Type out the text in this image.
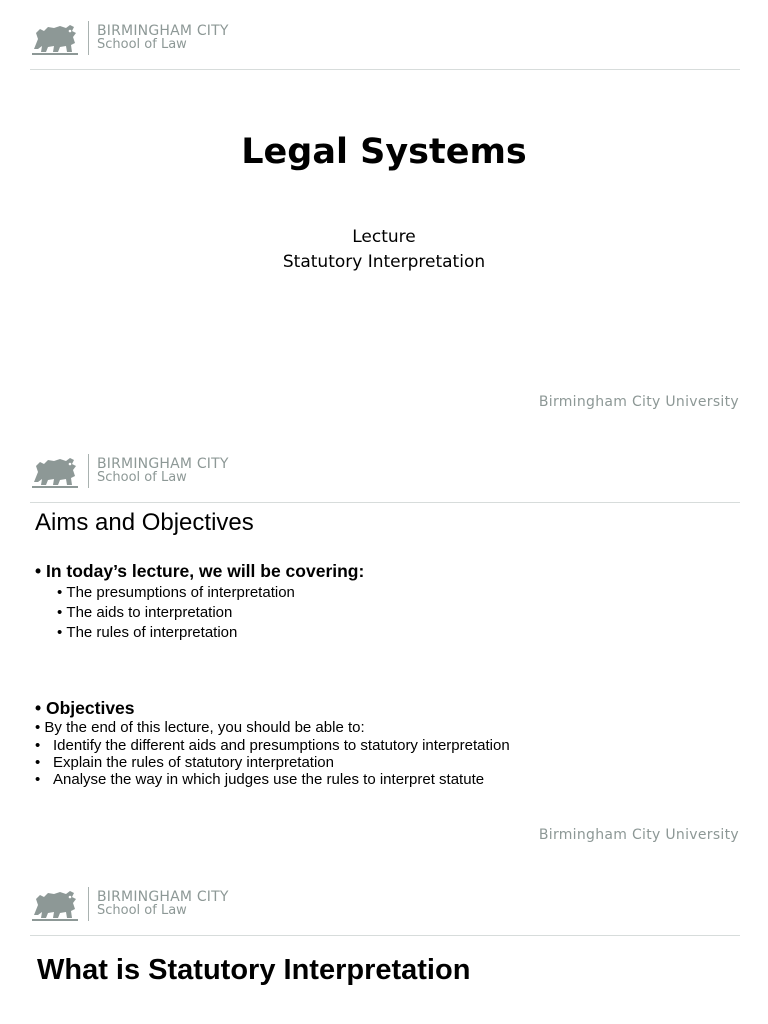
BIRMINGHAM CITY
School of Law
Legal Systems
Lecture
Statutory Interpretation
Birmingham City University
BIRMINGHAM CITY
School of Law
Aims and Objectives
• In today’s lecture, we will be covering:
• The presumptions of interpretation
• The aids to interpretation
• The rules of interpretation
• Objectives
• By the end of this lecture, you should be able to:
• Identify the different aids and presumptions to statutory interpretation
• Explain the rules of statutory interpretation
• Analyse the way in which judges use the rules to interpret statute
Birmingham City University
BIRMINGHAM CITY
School of Law
What is Statutory Interpretation
